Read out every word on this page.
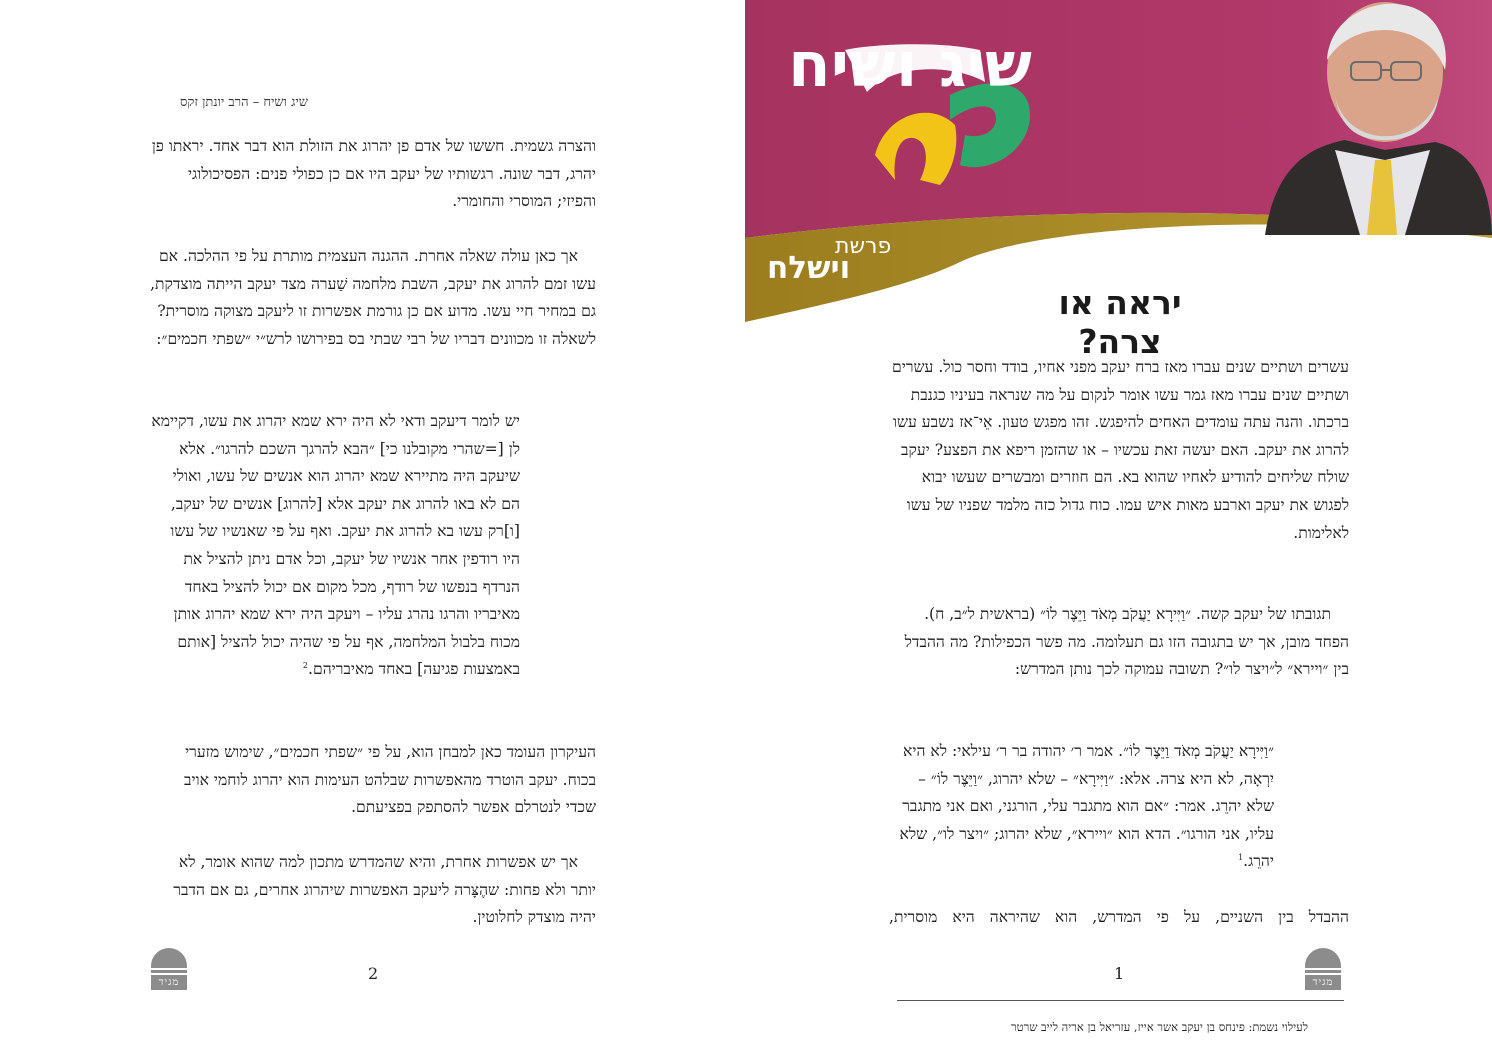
שיג ושיח – הרב יונתן זקס

והצרה גשמית. חששו של אדם פן יהרוג את הזולת הוא דבר אחד. יראתו פן יהרג, דבר שונה. רגשותיו של יעקב היו אם כן כפולי פנים: הפסיכולוגי והפיזי; המוסרי והחומרי.

אך כאן עולה שאלה אחרת. ההגנה העצמית מותרת על פי ההלכה. אם עשו זמם להרוג את יעקב, השבת מלחמה שַׁערה מצד יעקב הייתה מוצדקת, גם במחיר חיי עשו. מדוע אם כן גורמת אפשרות זו ליעקב מצוקה מוסרית? לשאלה זו מכוונים דבריו של רבי שבתי בס בפירושו לרש״י ״שפתי חכמים״:

יש לומר דיעקב ודאי לא היה ירא שמא יהרוג את עשו, דקיימא לן [=שהרי מקובלנו כי] ״הבא להרגך השכם להרגו״. אלא שיעקב היה מתיירא שמא יהרוג הוא אנשים של עשו, ואולי הם לא באו להרוג את יעקב אלא [להרוג] אנשים של יעקב, [ו]רק עשו בא להרוג את יעקב. ואף על פי שאנשיו של עשו היו רודפין אחר אנשיו של יעקב, וכל אדם ניתן להציל את הנרדף בנפשו של רודף, מכל מקום אם יכול להציל באחד מאיבריו והרגו נהרג עליו – ויעקב היה ירא שמא יהרוג אותן מכוח בלבול המלחמה, אף על פי שהיה יכול להציל [אותם באמצעות פגיעה] באחד מאיבריהם.$^2$

העיקרון העומד כאן למבחן הוא, על פי ״שפתי חכמים״, שימוש מזערי בכוח. יעקב הוטרד מהאפשרות שבלהט העימות הוא יהרוג לוחמי אויב שכדי לנטרלם אפשר להסתפק בפציעתם.

אך יש אפשרות אחרת, והיא שהמדרש מתכון למה שהוא אומר, לא יותר ולא פחות: שהֶצָּרה ליעקב האפשרות שיהרוג אחרים, גם אם הדבר יהיה מוצדק לחלוטין.

מגיד	2
שיג ושיח
פרשת
וישלח
יראה או צרה?

עשרים ושתיים שנים עברו מאז ברח יעקב מפני אחיו, בודד וחסר כול. עשרים ושתיים שנים עברו מאז גמר עשו אומר לנקום על מה שנראה בעיניו כגנבת ברכתו. והנה עתה עומדים האחים להיפגש. זהו מפגש טעון. אֵי־אז נשבע עשו להרוג את יעקב. האם יעשה זאת עכשיו – או שהזמן ריפא את הפצע? יעקב שולח שליחים להודיע לאחיו שהוא בא. הם חוזרים ומבשרים שעשו יבוא לפגוש את יעקב וארבע מאות איש עמו. כוח גדול כזה מלמד שפניו של עשו לאלימות.

תגובתו של יעקב קשה. ״וַיִּירָא יַעֲקֹב מְאֹד וַיֵּצֶר לוֹ״ (בראשית ל״ב, ח). הפחד מובן, אך יש בתגובה הזו גם תעלומה. מה פשר הכפילות? מה ההבדל בין ״ויירא״ ל״ויצר לו״? תשובה עמוקה לכך נותן המדרש:

״וַיִּירָא יַעֲקֹב מְאֹד וַיֵּצֶר לוֹ״. אמר ר׳ יהודה בר ר׳ עילאי: לא היא יִרְאָה, לא היא צרה. אלא: ״וַיִּירָא״ – שלא יהרוג, ״וַיֵּצֶר לוֹ״ – שלא יהרֵג. אמר: ״אם הוא מתגבר עלי, הורגני, ואם אני מתגבר עליו, אני הורגו״. הדא הוא ״ויירא״, שלא יהרוג; ״ויצר לו״, שלא יהרֵג.$^1$

ההבדל בין השניים, על פי המדרש, הוא שהיראה היא מוסרית,

1	מגיד
לעילוי נשמת: פינחס בן יעקב אשר אייז, עזריאל בן אריה לייב שרטר
